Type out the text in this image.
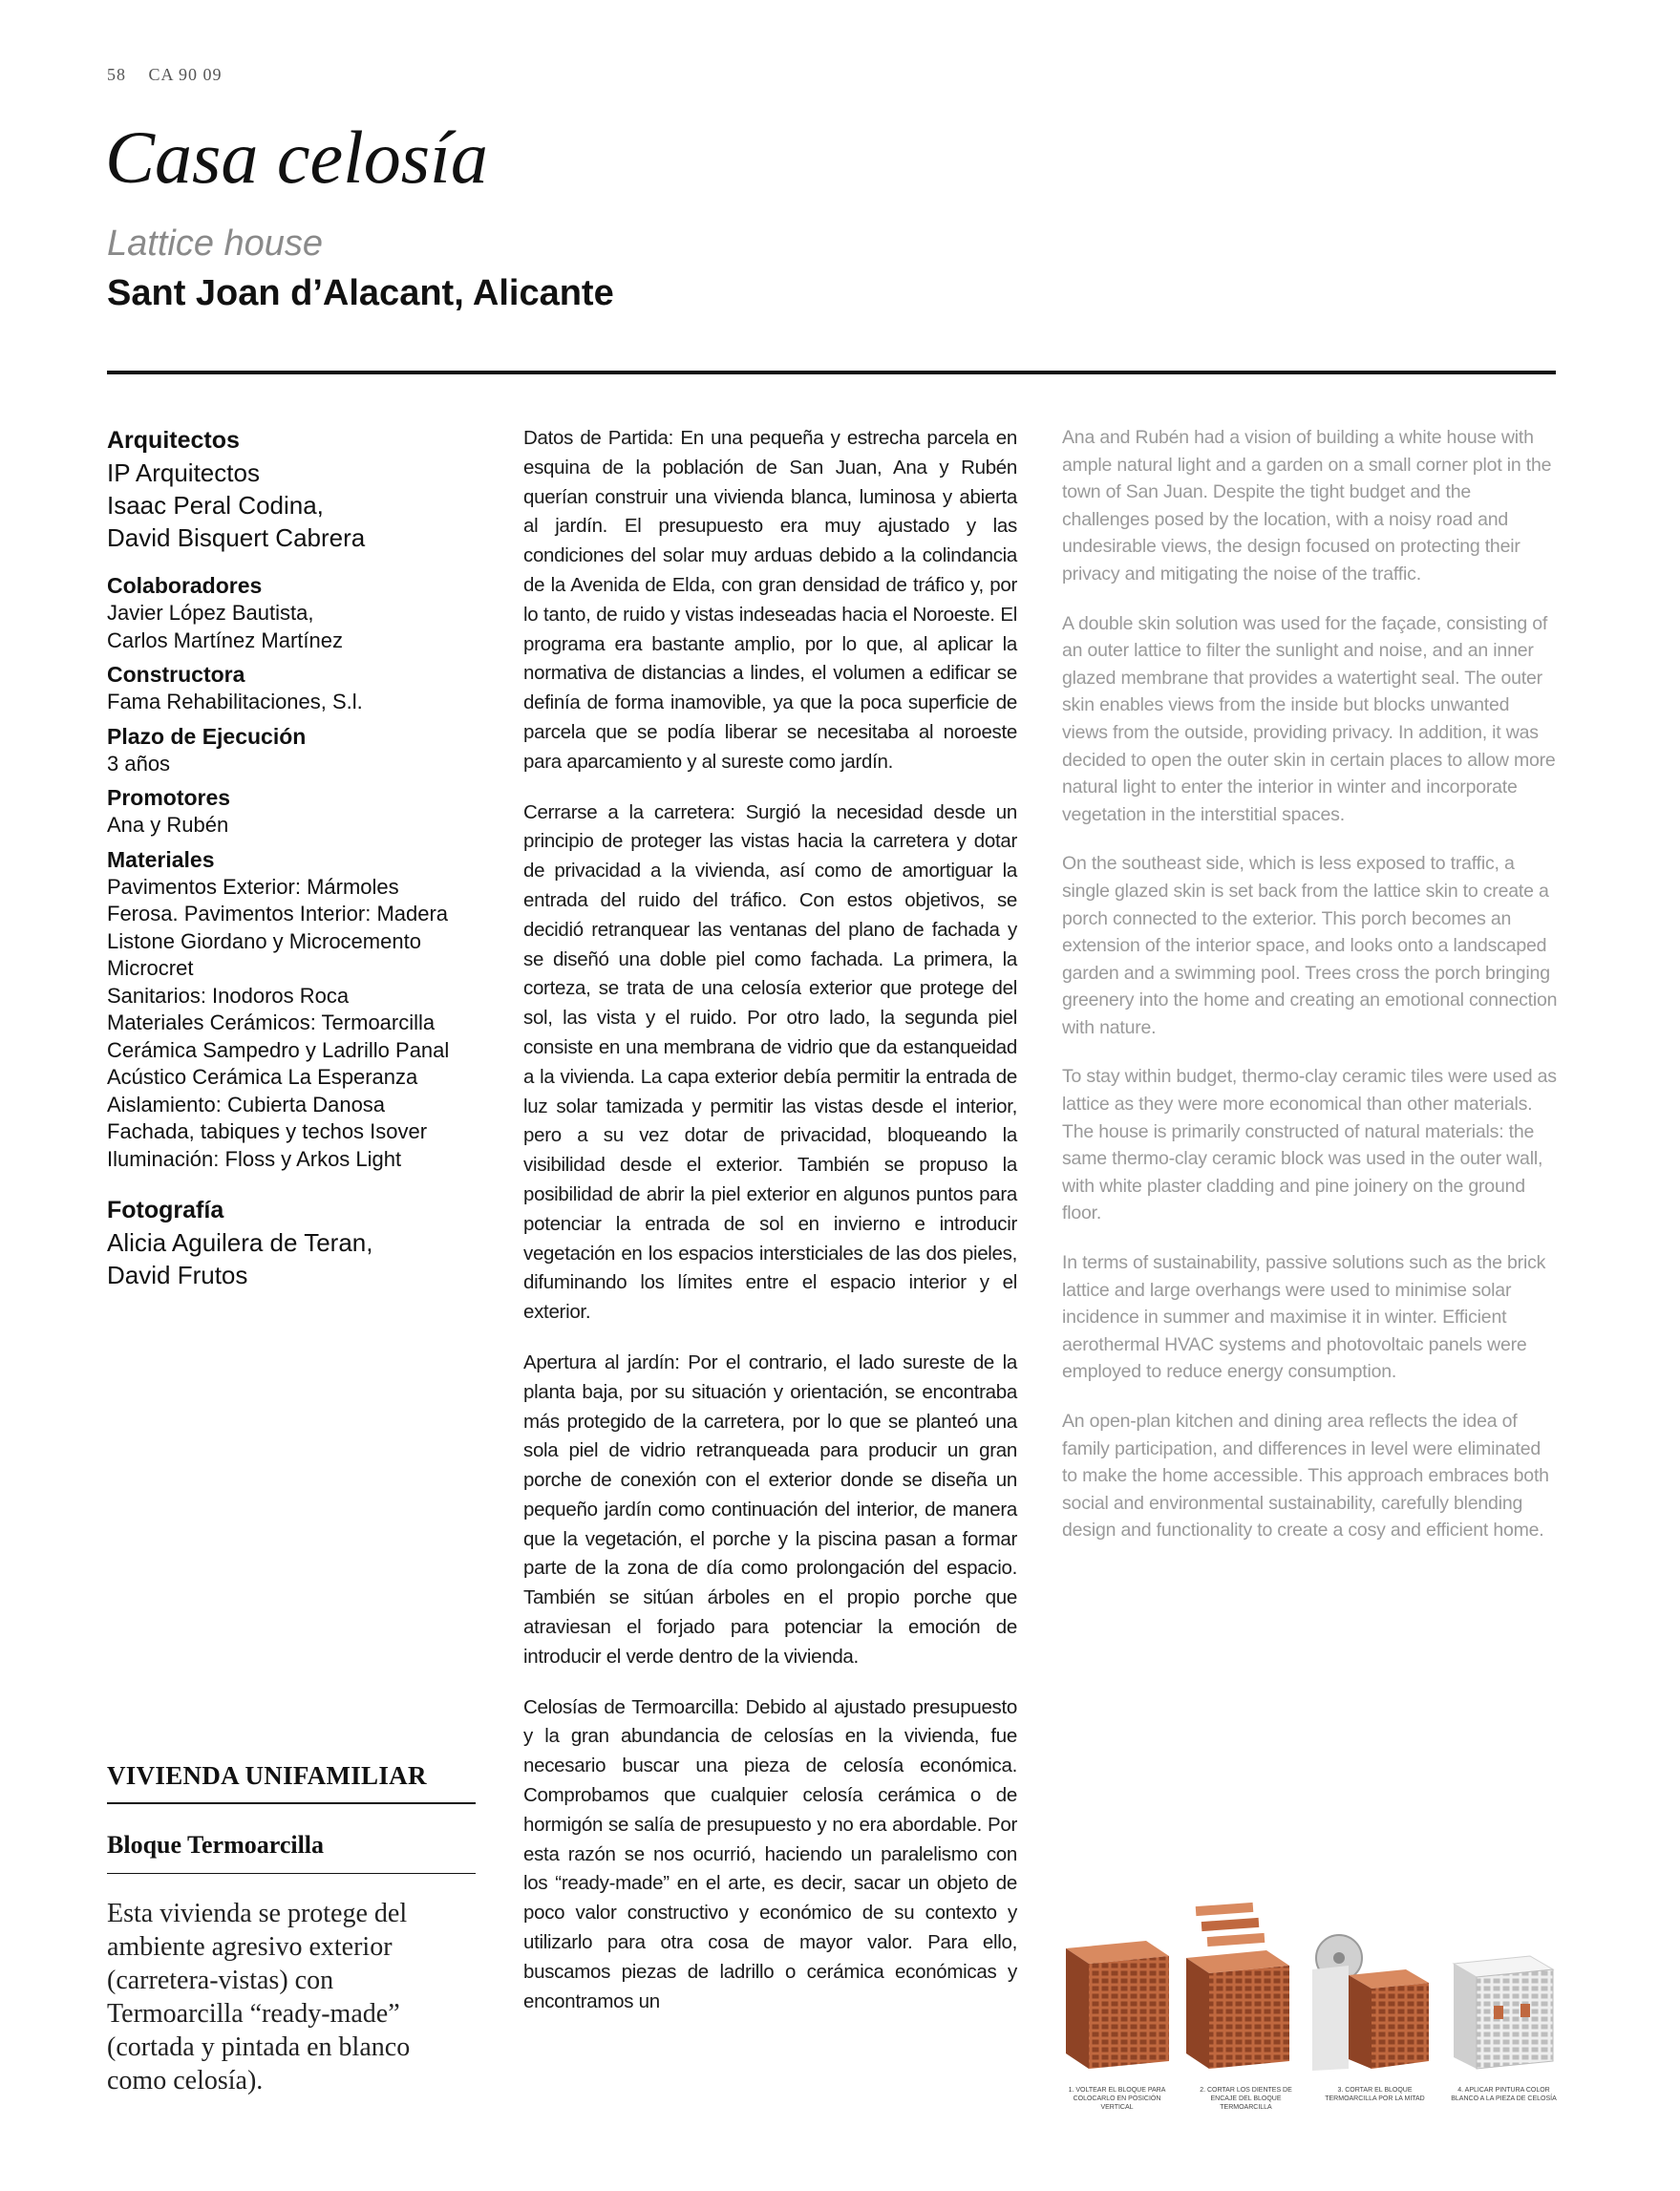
58 CA 90 09
Casa celosía
Lattice house
Sant Joan d’Alacant, Alicante
Arquitectos
IP Arquitectos
Isaac Peral Codina,
David Bisquert Cabrera
Colaboradores
Javier López Bautista,
Carlos Martínez Martínez
Constructora
Fama Rehabilitaciones, S.l.
Plazo de Ejecución
3 años
Promotores
Ana y Rubén
Materiales
Pavimentos Exterior: Mármoles
Ferosa. Pavimentos Interior: Madera
Listone Giordano y Microcemento
Microcret
Sanitarios: Inodoros Roca
Materiales Cerámicos: Termoarcilla
Cerámica Sampedro y Ladrillo Panal
Acústico Cerámica La Esperanza
Aislamiento: Cubierta Danosa
Fachada, tabiques y techos Isover
Iluminación: Floss y Arkos Light
Fotografía
Alicia Aguilera de Teran,
David Frutos

Datos de Partida: En una pequeña y estrecha parcela en esquina de la población de San Juan, Ana y Rubén querían construir una vivienda blanca, luminosa y abierta al jardín. El presupuesto era muy ajustado y las condiciones del solar muy arduas debido a la colindancia de la Avenida de Elda, con gran densidad de tráfico y, por lo tanto, de ruido y vistas indeseadas hacia el Noroeste. El programa era bastante amplio, por lo que, al aplicar la normativa de distancias a lindes, el volumen a edificar se definía de forma inamovible, ya que la poca superficie de parcela que se podía liberar se necesitaba al noroeste para aparcamiento y al sureste como jardín.

Cerrarse a la carretera: Surgió la necesidad desde un principio de proteger las vistas hacia la carretera y dotar de privacidad a la vivienda, así como de amortiguar la entrada del ruido del tráfico. Con estos objetivos, se decidió retranquear las ventanas del plano de fachada y se diseñó una doble piel como fachada. La primera, la corteza, se trata de una celosía exterior que protege del sol, las vista y el ruido. Por otro lado, la segunda piel consiste en una membrana de vidrio que da estanqueidad a la vivienda. La capa exterior debía permitir la entrada de luz solar tamizada y permitir las vistas desde el interior, pero a su vez dotar de privacidad, bloqueando la visibilidad desde el exterior. También se propuso la posibilidad de abrir la piel exterior en algunos puntos para potenciar la entrada de sol en invierno e introducir vegetación en los espacios intersticiales de las dos pieles, difuminando los límites entre el espacio interior y el exterior.

Apertura al jardín: Por el contrario, el lado sureste de la planta baja, por su situación y orientación, se encontraba más protegido de la carretera, por lo que se planteó una sola piel de vidrio retranqueada para producir un gran porche de conexión con el exterior donde se diseña un pequeño jardín como continuación del interior, de manera que la vegetación, el porche y la piscina pasan a formar parte de la zona de día como prolongación del espacio. También se sitúan árboles en el propio porche que atraviesan el forjado para potenciar la emoción de introducir el verde dentro de la vivienda.

Celosías de Termoarcilla: Debido al ajustado presupuesto y la gran abundancia de celosías en la vivienda, fue necesario buscar una pieza de celosía económica. Comprobamos que cualquier celosía cerámica o de hormigón se salía de presupuesto y no era abordable. Por esta razón se nos ocurrió, haciendo un paralelismo con los “ready-made” en el arte, es decir, sacar un objeto de poco valor constructivo y económico de su contexto y utilizarlo para otra cosa de mayor valor. Para ello, buscamos piezas de ladrillo o cerámica económicas y encontramos un

Ana and Rubén had a vision of building a white house with ample natural light and a garden on a small corner plot in the town of San Juan. Despite the tight budget and the challenges posed by the location, with a noisy road and undesirable views, the design focused on protecting their privacy and mitigating the noise of the traffic.

A double skin solution was used for the façade, consisting of an outer lattice to filter the sunlight and noise, and an inner glazed membrane that provides a watertight seal. The outer skin enables views from the inside but blocks unwanted views from the outside, providing privacy. In addition, it was decided to open the outer skin in certain places to allow more natural light to enter the interior in winter and incorporate vegetation in the interstitial spaces.

On the southeast side, which is less exposed to traffic, a single glazed skin is set back from the lattice skin to create a porch connected to the exterior. This porch becomes an extension of the interior space, and looks onto a landscaped garden and a swimming pool. Trees cross the porch bringing greenery into the home and creating an emotional connection with nature.

To stay within budget, thermo-clay ceramic tiles were used as lattice as they were more economical than other materials. The house is primarily constructed of natural materials: the same thermo-clay ceramic block was used in the outer wall, with white plaster cladding and pine joinery on the ground floor.

In terms of sustainability, passive solutions such as the brick lattice and large overhangs were used to minimise solar incidence in summer and maximise it in winter. Efficient aerothermal HVAC systems and photovoltaic panels were employed to reduce energy consumption.

An open-plan kitchen and dining area reflects the idea of family participation, and differences in level were eliminated to make the home accessible. This approach embraces both social and environmental sustainability, carefully blending design and functionality to create a cosy and efficient home.

VIVIENDA UNIFAMILIAR
Bloque Termoarcilla
Esta vivienda se protege del ambiente agresivo exterior (carretera-vistas) con Termoarcilla “ready-made” (cortada y pintada en blanco como celosía).	1. VOLTEAR EL BLOQUE PARA COLOCARLO EN POSICIÓN VERTICAL
2. CORTAR LOS DIENTES DE ENCAJE DEL BLOQUE TERMOARCILLA
3. CORTAR EL BLOQUE TERMOARCILLA POR LA MITAD
4. APLICAR PINTURA COLOR BLANCO A LA PIEZA DE CELOSÍA
